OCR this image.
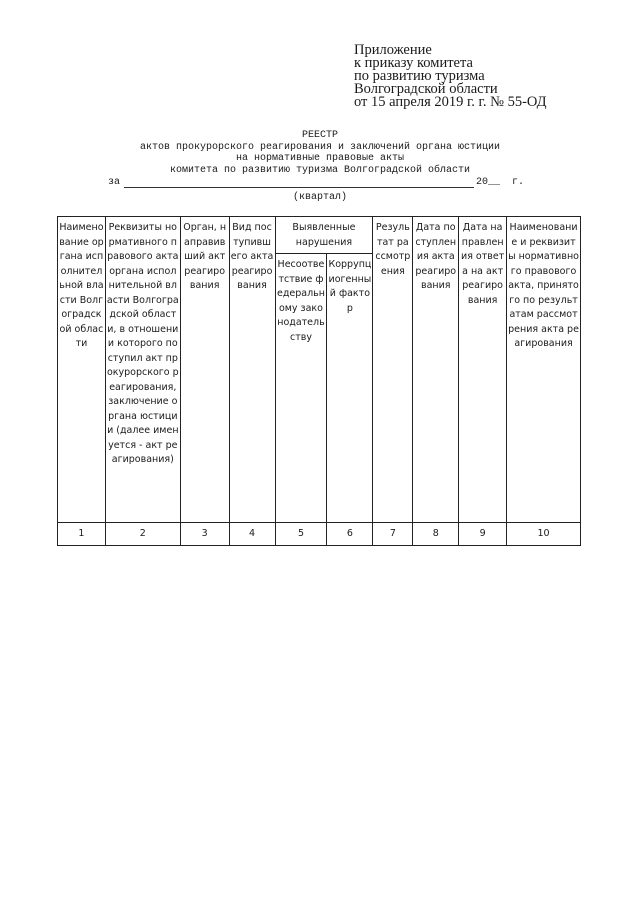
Приложение
к приказу комитета
по развитию туризма
Волгоградской области
от 15 апреля 2019 г. г. № 55-ОД
РЕЕСТР
актов прокурорского реагирования и заключений органа юстиции
на нормативные правовые акты
комитета по развитию туризма Волгоградской области
за	20__ г.
(квартал)
Наименование органа исполнительной власти Волгоградской области	Реквизиты нормативного правового акта органа исполнительной власти Волгоградской области, в отношении которого поступил акт прокурорского реагирования, заключение органа юстиции (далее именуется - акт реагирования)	Орган, направивший акт реагирования	Вид поступившего акта реагирования	Выявленные нарушения		Результат рассмотрения	Дата поступления акта реагирования	Дата направления ответа на акт реагирования	Наименование и реквизиты нормативного правового акта, принятого по результатам рассмотрения акта реагирования
				Несоответствие федеральному законодательству	Коррупциогенный фактор				
1	2	3	4	5	6	7	8	9	10
